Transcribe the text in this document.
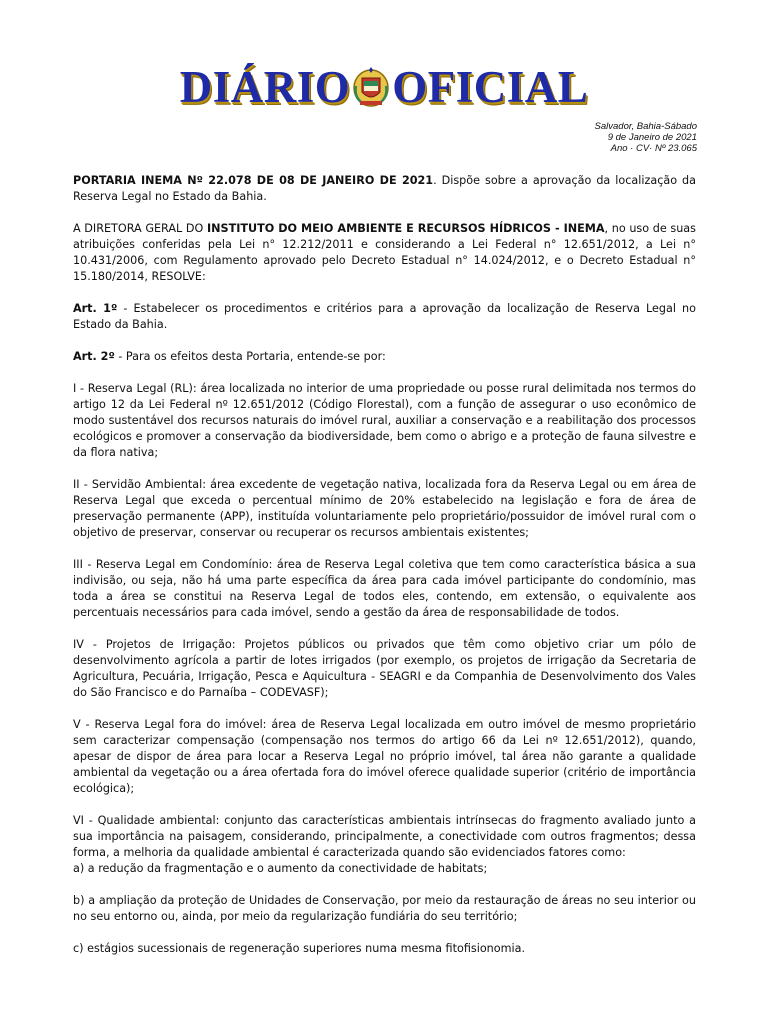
DIÁRIO OFICIAL
Salvador, Bahia-Sábado
9 de Janeiro de 2021
Ano · CV· Nº 23.065

PORTARIA INEMA Nº 22.078 DE 08 DE JANEIRO DE 2021. Dispõe sobre a aprovação da localização da Reserva Legal no Estado da Bahia.

A DIRETORA GERAL DO INSTITUTO DO MEIO AMBIENTE E RECURSOS HÍDRICOS - INEMA, no uso de suas atribuições conferidas pela Lei n° 12.212/2011 e considerando a Lei Federal n° 12.651/2012, a Lei n° 10.431/2006, com Regulamento aprovado pelo Decreto Estadual n° 14.024/2012, e o Decreto Estadual n° 15.180/2014, RESOLVE:

Art. 1º - Estabelecer os procedimentos e critérios para a aprovação da localização de Reserva Legal no Estado da Bahia.

Art. 2º - Para os efeitos desta Portaria, entende-se por:

I - Reserva Legal (RL): área localizada no interior de uma propriedade ou posse rural delimitada nos termos do artigo 12 da Lei Federal nº 12.651/2012 (Código Florestal), com a função de assegurar o uso econômico de modo sustentável dos recursos naturais do imóvel rural, auxiliar a conservação e a reabilitação dos processos ecológicos e promover a conservação da biodiversidade, bem como o abrigo e a proteção de fauna silvestre e da flora nativa;

II - Servidão Ambiental: área excedente de vegetação nativa, localizada fora da Reserva Legal ou em área de Reserva Legal que exceda o percentual mínimo de 20% estabelecido na legislação e fora de área de preservação permanente (APP), instituída voluntariamente pelo proprietário/possuidor de imóvel rural com o objetivo de preservar, conservar ou recuperar os recursos ambientais existentes;

III - Reserva Legal em Condomínio: área de Reserva Legal coletiva que tem como característica básica a sua indivisão, ou seja, não há uma parte específica da área para cada imóvel participante do condomínio, mas toda a área se constitui na Reserva Legal de todos eles, contendo, em extensão, o equivalente aos percentuais necessários para cada imóvel, sendo a gestão da área de responsabilidade de todos.

IV - Projetos de Irrigação: Projetos públicos ou privados que têm como objetivo criar um pólo de desenvolvimento agrícola a partir de lotes irrigados (por exemplo, os projetos de irrigação da Secretaria de Agricultura, Pecuária, Irrigação, Pesca e Aquicultura - SEAGRI e da Companhia de Desenvolvimento dos Vales do São Francisco e do Parnaíba – CODEVASF);

V - Reserva Legal fora do imóvel: área de Reserva Legal localizada em outro imóvel de mesmo proprietário sem caracterizar compensação (compensação nos termos do artigo 66 da Lei nº 12.651/2012), quando, apesar de dispor de área para locar a Reserva Legal no próprio imóvel, tal área não garante a qualidade ambiental da vegetação ou a área ofertada fora do imóvel oferece qualidade superior (critério de importância ecológica);

VI - Qualidade ambiental: conjunto das características ambientais intrínsecas do fragmento avaliado junto a sua importância na paisagem, considerando, principalmente, a conectividade com outros fragmentos; dessa forma, a melhoria da qualidade ambiental é caracterizada quando são evidenciados fatores como:

a) a redução da fragmentação e o aumento da conectividade de habitats;

b) a ampliação da proteção de Unidades de Conservação, por meio da restauração de áreas no seu interior ou no seu entorno ou, ainda, por meio da regularização fundiária do seu território;

c) estágios sucessionais de regeneração superiores numa mesma fitofisionomia.
